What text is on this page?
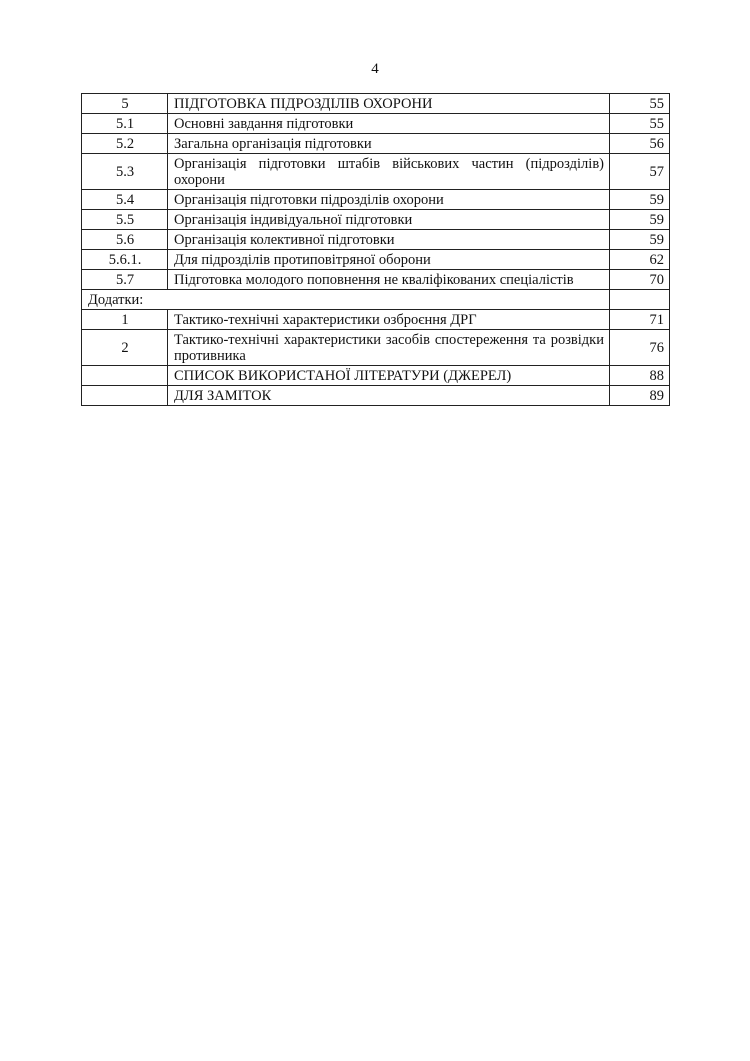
4
5	ПІДГОТОВКА ПІДРОЗДІЛІВ ОХОРОНИ	55
5.1	Основні завдання підготовки	55
5.2	Загальна організація підготовки	56
5.3	Організація підготовки штабів військових частин (підрозділів) охорони	57
5.4	Організація підготовки підрозділів охорони	59
5.5	Організація індивідуальної підготовки	59
5.6	Організація колективної підготовки	59
5.6.1.	Для підрозділів протиповітряної оборони	62
5.7	Підготовка молодого поповнення не кваліфікованих спеціалістів	70
Додатки:		
1	Тактико-технічні характеристики озброєння ДРГ	71
2	Тактико-технічні характеристики засобів спостереження та розвідки противника	76
	СПИСОК ВИКОРИСТАНОЇ ЛІТЕРАТУРИ (ДЖЕРЕЛ)	88
	ДЛЯ ЗАМІТОК	89
